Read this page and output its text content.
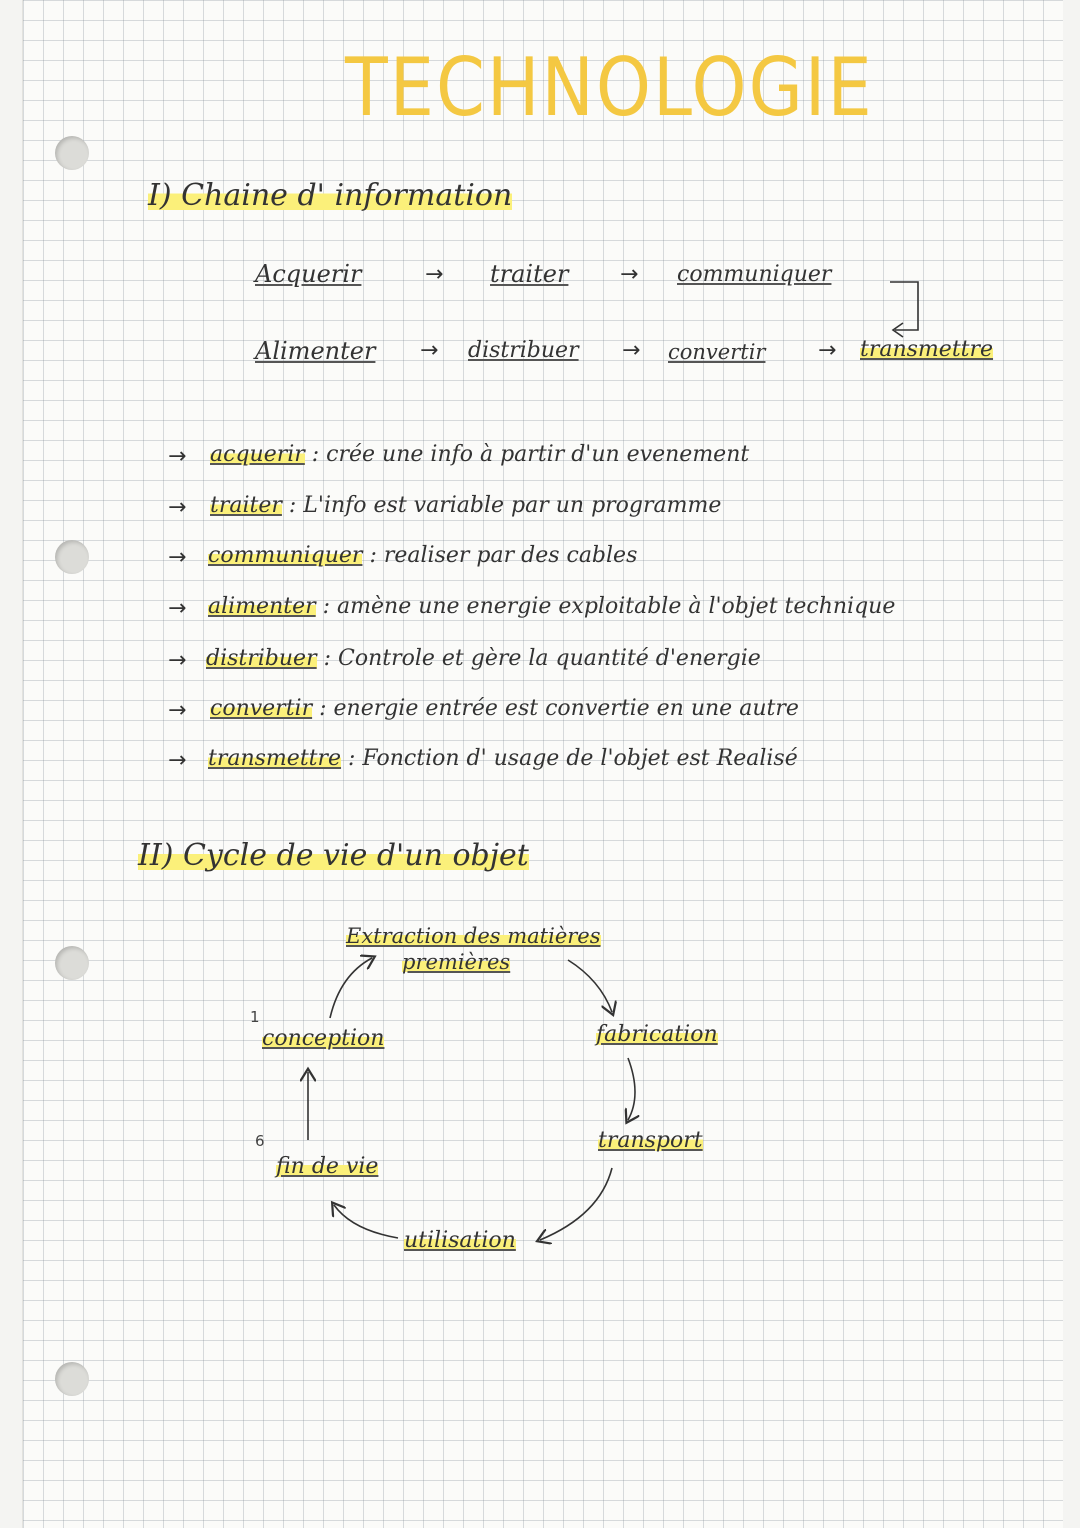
TECHNOLOGIE
I) Chaine d' information
Acquerir	→ traiter → communiquer
Alimenter → distribuer → convertir → transmettre
→ acquerir : crée une info à partir d'un evenement
→ traiter : L'info est variable par un programme
→ communiquer : realiser par des cables
→ alimenter : amène une energie exploitable à l'objet technique
→ distribuer : Controle et gère la quantité d'energie
→ convertir : energie entrée est convertie en une autre
→ transmettre : Fonction d' usage de l'objet est Realisé
II) Cycle de vie d'un objet
Extraction des matières
premières
1
conception	fabrication
transport
6
fin de vie
utilisation
